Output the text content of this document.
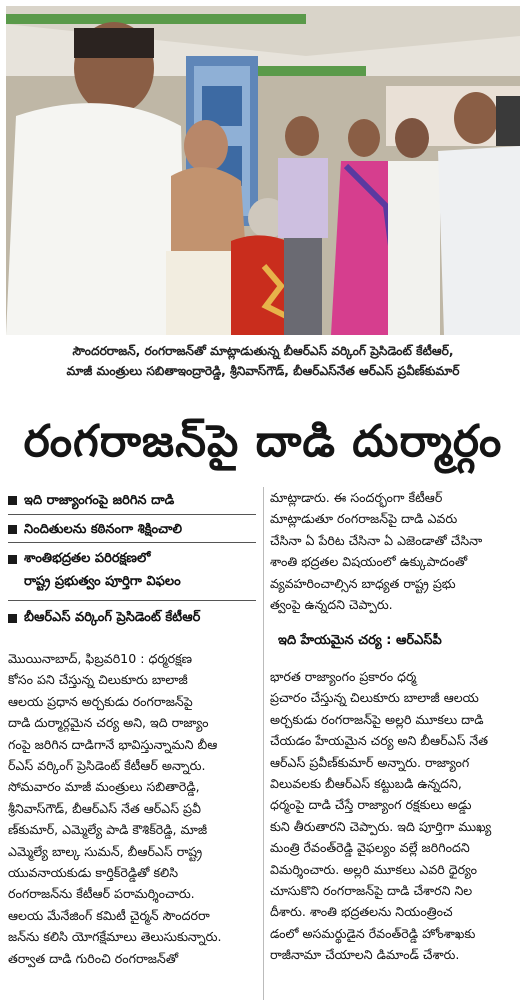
సౌందరరాజన్, రంగరాజన్‌తో మాట్లాడుతున్న బీఆర్ఎస్ వర్కింగ్ ప్రెసిడెంట్ కేటీఆర్,
మాజీ మంత్రులు సబితాఇంద్రారెడ్డి, శ్రీనివాస్‌గౌడ్, బీఆర్ఎస్‌నేత ఆర్ఎస్ ప్రవీణ్‌కుమార్
రంగరాజన్‌పై దాడి దుర్మార్గం
ఇది రాజ్యాంగంపై జరిగిన దాడి
నిందితులను కఠినంగా శిక్షించాలి
శాంతిభద్రతల పరిరక్షణలో
రాష్ట్ర ప్రభుత్వం పూర్తిగా విఫలం
బీఆర్ఎస్ వర్కింగ్ ప్రెసిడెంట్ కేటీఆర్
మొయినాబాద్, ఫిబ్రవరి10 : ధర్మరక్షణ
కోసం పని చేస్తున్న చిలుకూరు బాలాజీ
ఆలయ ప్రధాన అర్చకుడు రంగరాజన్‌పై
దాడి దుర్మార్గమైన చర్య అని, ఇది రాజ్యాం
గంపై జరిగిన దాడిగానే భావిస్తున్నామని బీఆ
ర్ఎస్ వర్కింగ్ ప్రెసిడెంట్ కేటీఆర్ అన్నారు.
సోమవారం మాజీ మంత్రులు సబితారెడ్డి,
శ్రీనివాస్‌గౌడ్, బీఆర్ఎస్ నేత ఆర్ఎస్ ప్రవీ
ణ్‌కుమార్, ఎమ్మెల్యే పాడి కౌశిక్‌రెడ్డి, మాజీ
ఎమ్మెల్యే బాల్క సుమన్, బీఆర్ఎస్ రాష్ట్ర
యువనాయకుడు కార్తిక్‌రెడ్డితో కలిసి
రంగరాజన్‌ను కేటీఆర్ పరామర్శించారు.
ఆలయ మేనేజింగ్ కమిటీ చైర్మన్ సౌందరరా
జన్‌ను కలిసి యోగక్షేమాలు తెలుసుకున్నారు.
తర్వాత దాడి గురించి రంగరాజన్‌తో
మాట్లాడారు. ఈ సందర్భంగా కేటీఆర్
మాట్లాడుతూ రంగరాజన్‌పై దాడి ఎవరు
చేసినా ఏ పేరిట చేసినా ఏ ఎజెండాతో చేసినా
శాంతి భద్రతల విషయంలో ఉక్కుపాదంతో
వ్యవహరించాల్సిన బాధ్యత రాష్ట్ర ప్రభు
త్వంపై ఉన్నదని చెప్పారు.
ఇది హేయమైన చర్య : ఆర్ఎస్‌పీ
భారత రాజ్యాంగం ప్రకారం ధర్మ
ప్రచారం చేస్తున్న చిలుకూరు బాలాజీ ఆలయ
అర్చకుడు రంగరాజన్‌పై అల్లరి మూకలు దాడి
చేయడం హేయమైన చర్య అని బీఆర్ఎస్ నేత
ఆర్ఎస్ ప్రవీణ్‌కుమార్ అన్నారు. రాజ్యాంగ
విలువలకు బీఆర్ఎస్ కట్టుబడి ఉన్నదని,
ధర్మంపై దాడి చేస్తే రాజ్యాంగ రక్షకులు అడ్డు
కుని తీరుతారని చెప్పారు. ఇది పూర్తిగా ముఖ్య
మంత్రి రేవంత్‌రెడ్డి వైఫల్యం వల్లే జరిగిందని
విమర్శించారు. అల్లరి మూకలు ఎవరి ధైర్యం
చూసుకొని రంగరాజన్‌పై దాడి చేశారని నిల
దీశారు. శాంతి భద్రతలను నియంత్రించ
డంలో అసమర్థుడైన రేవంత్‌రెడ్డి హోంశాఖకు
రాజీనామా చేయాలని డిమాండ్ చేశారు.
